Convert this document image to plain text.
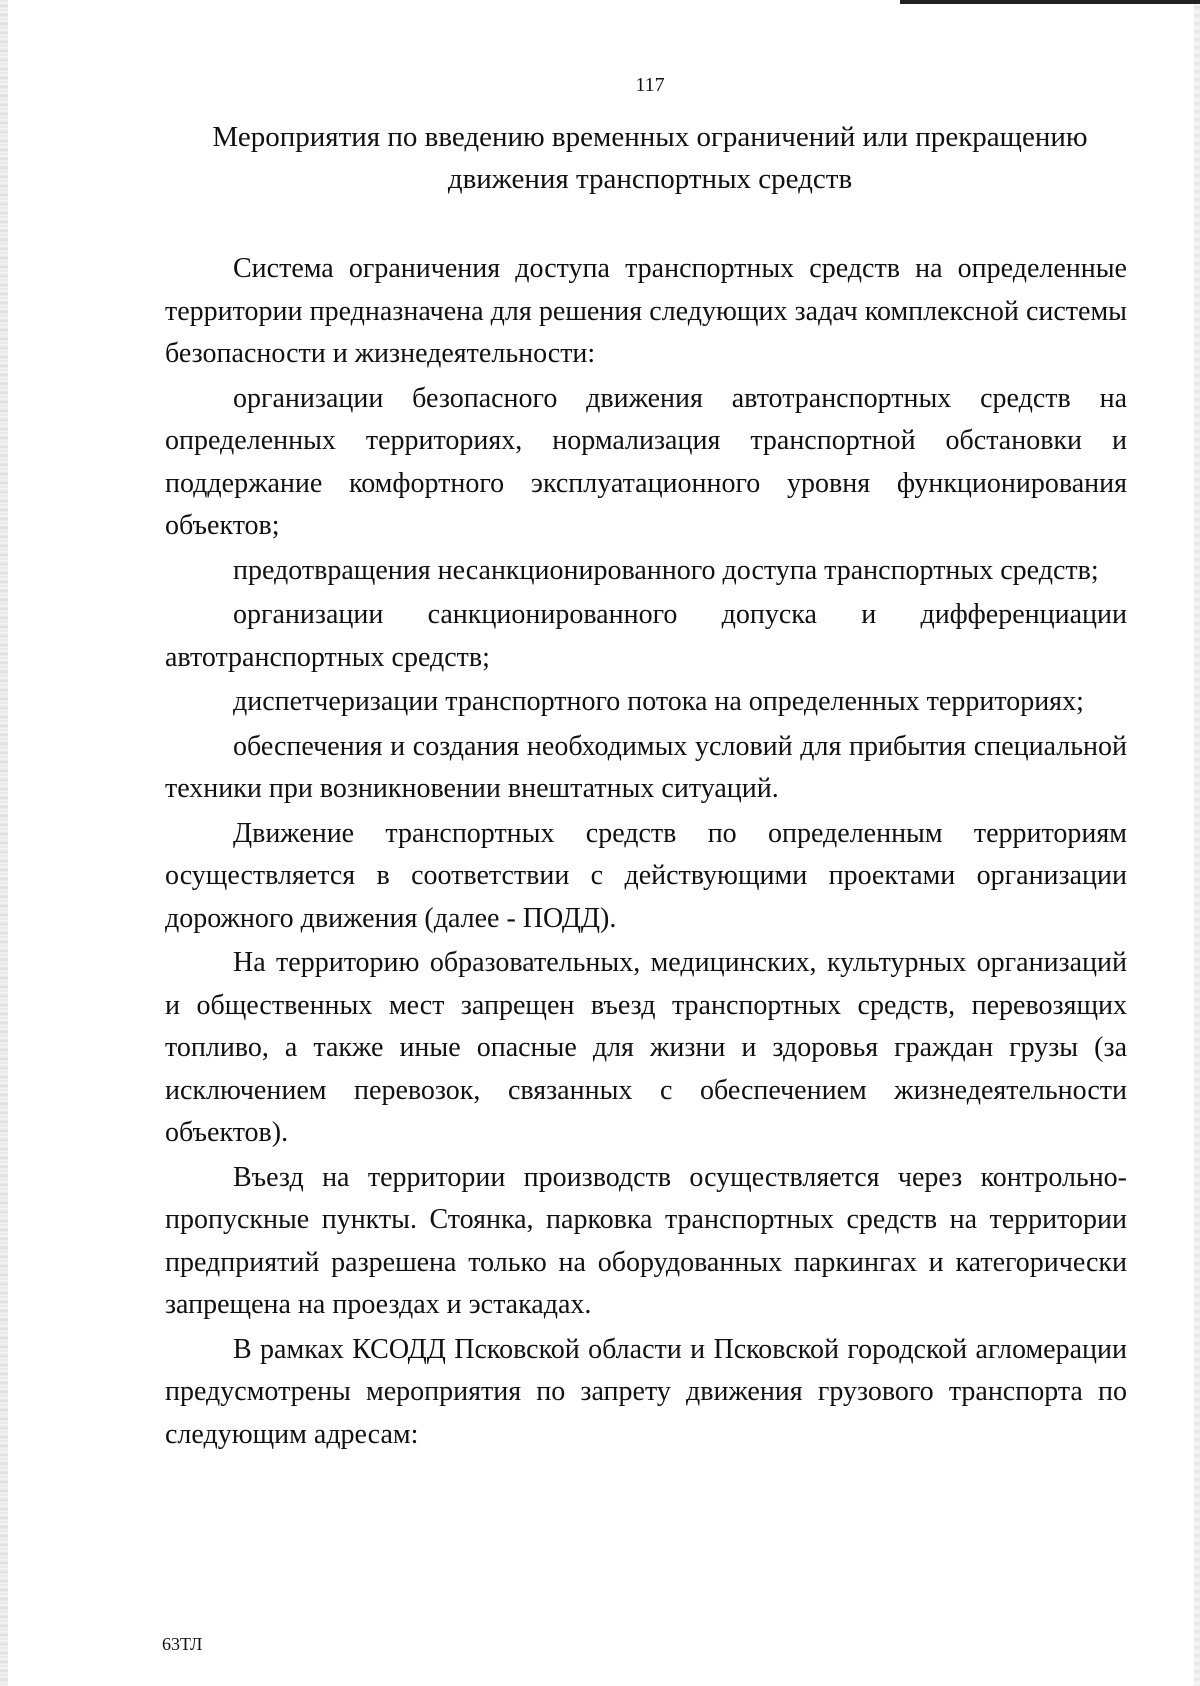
117
Мероприятия по введению временных ограничений или прекращению движения транспортных средств

Система ограничения доступа транспортных средств на определенные территории предназначена для решения следующих задач комплексной системы безопасности и жизнедеятельности:

организации безопасного движения автотранспортных средств на определенных территориях, нормализация транспортной обстановки и поддержание комфортного эксплуатационного уровня функционирования объектов;

предотвращения несанкционированного доступа транспортных средств;

организации санкционированного допуска и дифференциации автотранспортных средств;

диспетчеризации транспортного потока на определенных территориях;

обеспечения и создания необходимых условий для прибытия специальной техники при возникновении внештатных ситуаций.

Движение транспортных средств по определенным территориям осуществляется в соответствии с действующими проектами организации дорожного движения (далее - ПОДД).

На территорию образовательных, медицинских, культурных организаций и общественных мест запрещен въезд транспортных средств, перевозящих топливо, а также иные опасные для жизни и здоровья граждан грузы (за исключением перевозок, связанных с обеспечением жизнедеятельности объектов).

Въезд на территории производств осуществляется через контрольно-пропускные пункты. Стоянка, парковка транспортных средств на территории предприятий разрешена только на оборудованных паркингах и категорически запрещена на проездах и эстакадах.

В рамках КСОДД Псковской области и Псковской городской агломерации предусмотрены мероприятия по запрету движения грузового транспорта по следующим адресам:

63ТЛ
